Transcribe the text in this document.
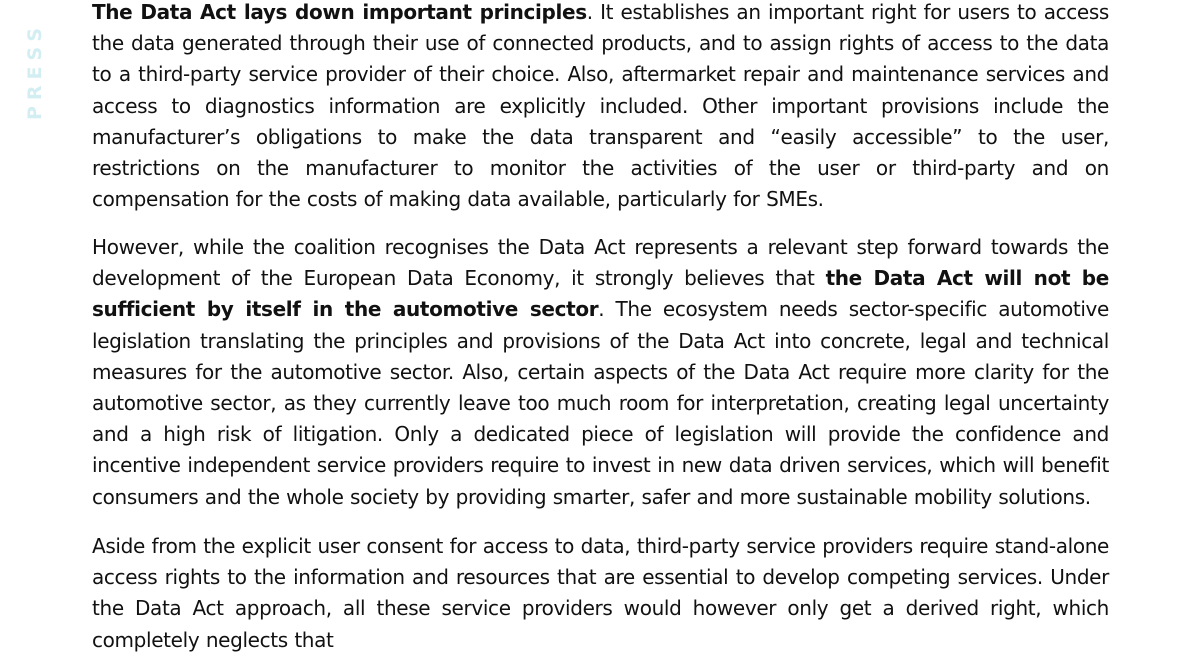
PRESS

The Data Act lays down important principles. It establishes an important right for users to access the data generated through their use of connected products, and to assign rights of access to the data to a third-party service provider of their choice. Also, aftermarket repair and maintenance services and access to diagnostics information are explicitly included. Other important provisions include the manufacturer’s obligations to make the data transparent and “easily accessible” to the user, restrictions on the manufacturer to monitor the activities of the user or third-party and on compensation for the costs of making data available, particularly for SMEs.

However, while the coalition recognises the Data Act represents a relevant step forward towards the development of the European Data Economy, it strongly believes that the Data Act will not be sufficient by itself in the automotive sector. The ecosystem needs sector-specific automotive legislation translating the principles and provisions of the Data Act into concrete, legal and technical measures for the automotive sector. Also, certain aspects of the Data Act require more clarity for the automotive sector, as they currently leave too much room for interpretation, creating legal uncertainty and a high risk of litigation. Only a dedicated piece of legislation will provide the confidence and incentive independent service providers require to invest in new data driven services, which will benefit consumers and the whole society by providing smarter, safer and more sustainable mobility solutions.

Aside from the explicit user consent for access to data, third-party service providers require stand-alone access rights to the information and resources that are essential to develop competing services. Under the Data Act approach, all these service providers would however only get a derived right, which completely neglects that
